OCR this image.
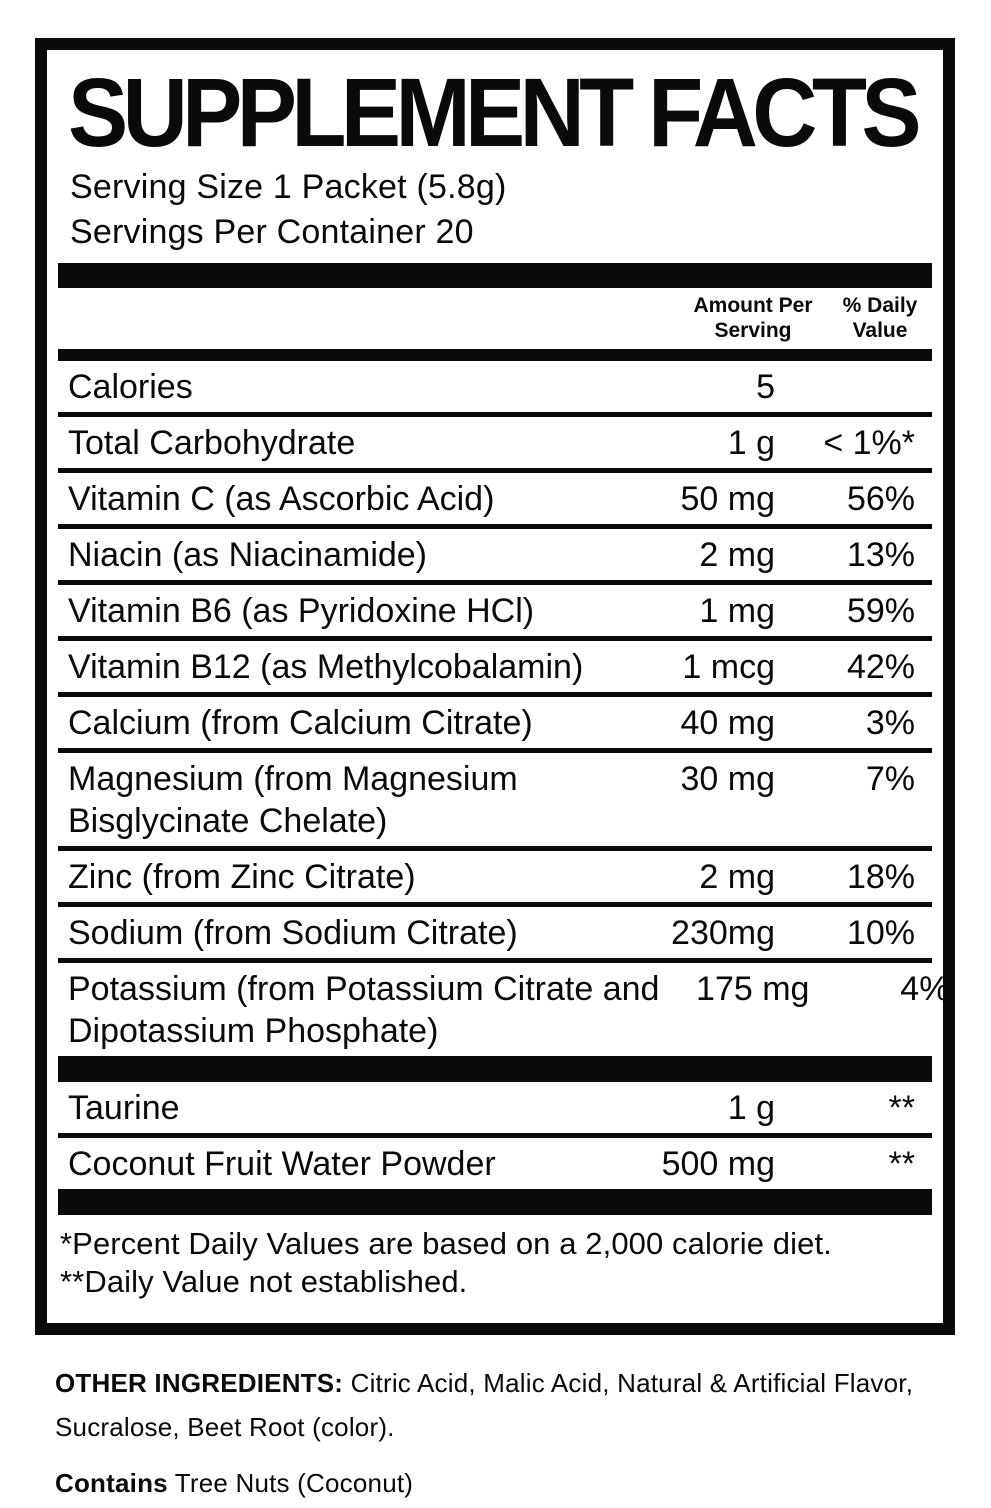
SUPPLEMENT FACTS
Serving Size 1 Packet (5.8g)
Servings Per Container 20
Amount Per
Serving
% Daily
Value
Calories	5
Total Carbohydrate	1 g	< 1%*
Vitamin C (as Ascorbic Acid)	50 mg	56%
Niacin (as Niacinamide)	2 mg	13%
Vitamin B6 (as Pyridoxine HCl)	1 mg	59%
Vitamin B12 (as Methylcobalamin)	1 mcg	42%
Calcium (from Calcium Citrate)	40 mg	3%
Magnesium (from Magnesium
Bisglycinate Chelate)
30 mg	7%
Zinc (from Zinc Citrate)	2 mg	18%
Sodium (from Sodium Citrate)	230mg	10%
Potassium (from Potassium Citrate and
Dipotassium Phosphate)
175 mg	4%
Taurine	1 g	**
Coconut Fruit Water Powder	500 mg	**
*Percent Daily Values are based on a 2,000 calorie diet.
**Daily Value not established.
OTHER INGREDIENTS: Citric Acid, Malic Acid, Natural & Artificial Flavor, Sucralose, Beet Root (color).
Contains Tree Nuts (Coconut)
